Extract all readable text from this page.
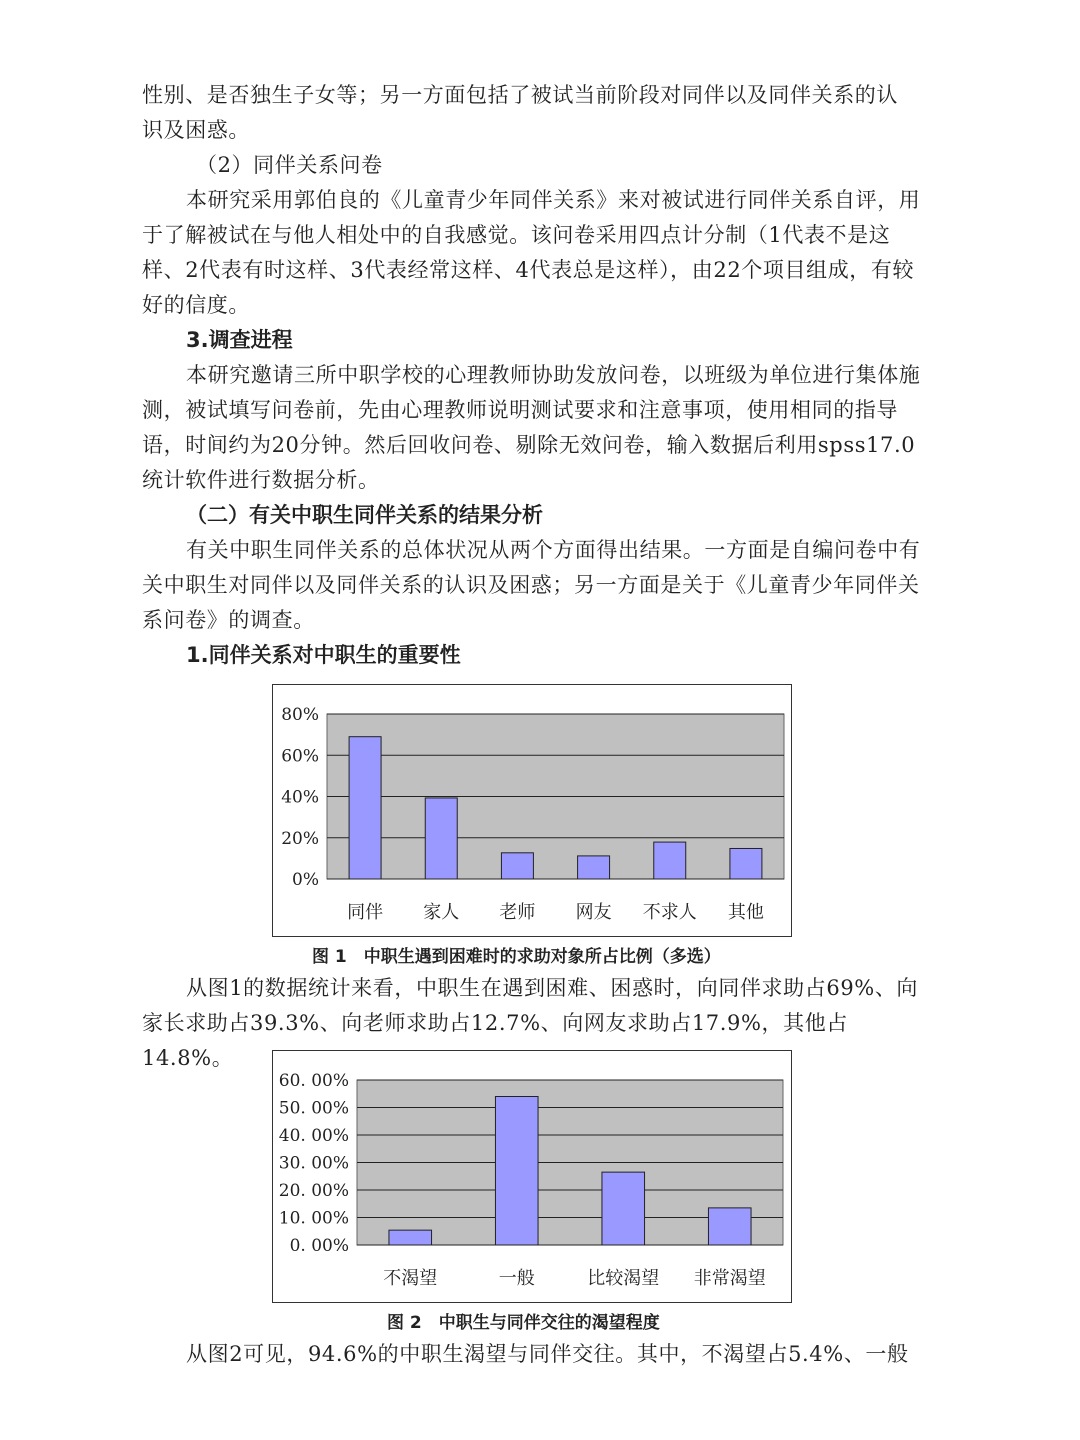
性别、是否独生子女等；另一方面包括了被试当前阶段对同伴以及同伴关系的认
识及困惑。
（2）同伴关系问卷

本研究采用郭伯良的《儿童青少年同伴关系》来对被试进行同伴关系自评，用于了解被试在与他人相处中的自我感觉。该问卷采用四点计分制（1代表不是这样、2代表有时这样、3代表经常这样、4代表总是这样），由22个项目组成，有较好的信度。

3.调查进程

本研究邀请三所中职学校的心理教师协助发放问卷，以班级为单位进行集体施测，被试填写问卷前，先由心理教师说明测试要求和注意事项，使用相同的指导语，时间约为20分钟。然后回收问卷、剔除无效问卷，输入数据后利用spss17.0统计软件进行数据分析。

（二）有关中职生同伴关系的结果分析

有关中职生同伴关系的总体状况从两个方面得出结果。一方面是自编问卷中有关中职生对同伴以及同伴关系的认识及困惑；另一方面是关于《儿童青少年同伴关系问卷》的调查。

1.同伴关系对中职生的重要性
0%
20%
40%
60%
80%
同伴 家人 老师 网友 不求人 其他
图 1　中职生遇到困难时的求助对象所占比例（多选）

从图1的数据统计来看，中职生在遇到困难、困惑时，向同伴求助占69%、向家长求助占39.3%、向老师求助占12.7%、向网友求助占17.9%，其他占14.8%。

0. 00%
10. 00%
20. 00%
30. 00%
40. 00%
50. 00%
60. 00%
不渴望	一般	比较渴望 非常渴望
图 2　中职生与同伴交往的渴望程度
从图2可见，94.6%的中职生渴望与同伴交往。其中，不渴望占5.4%、一般
